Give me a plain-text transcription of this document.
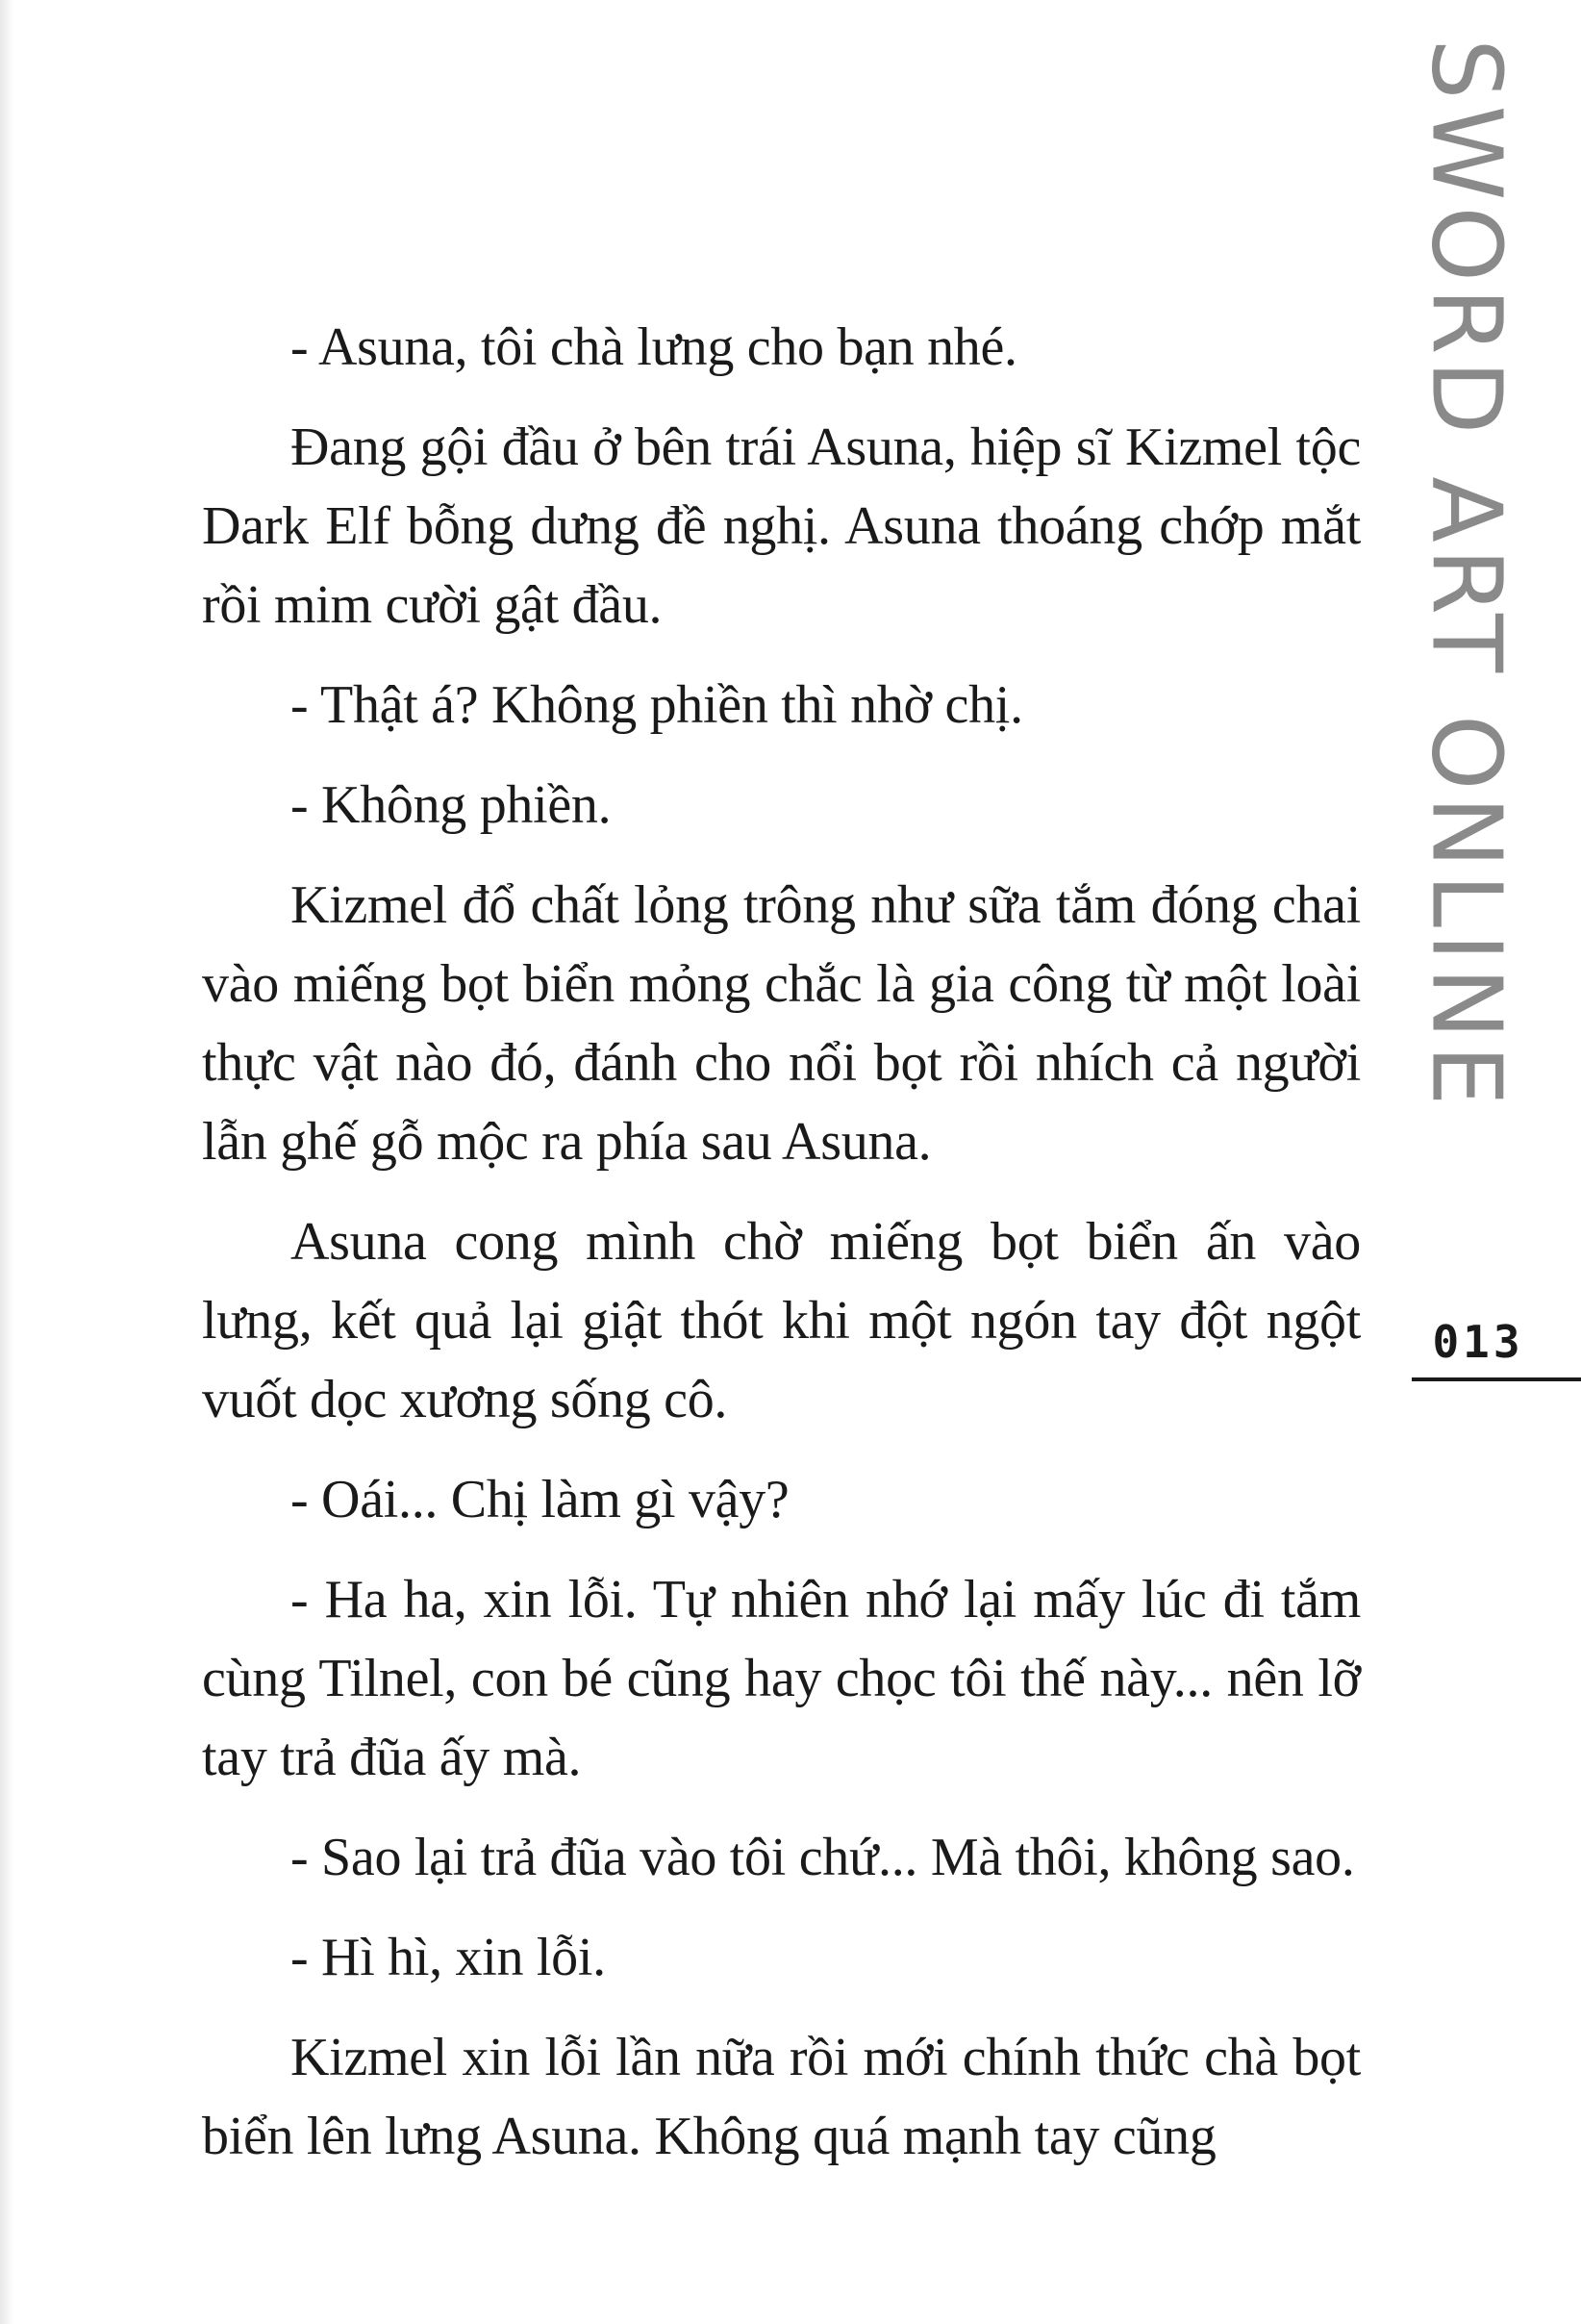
- Asuna, tôi chà lưng cho bạn nhé.

Đang gội đầu ở bên trái Asuna, hiệp sĩ Kizmel tộc Dark Elf bỗng dưng đề nghị. Asuna thoáng chớp mắt rồi mim cười gật đầu.

- Thật á? Không phiền thì nhờ chị.

- Không phiền.

Kizmel đổ chất lỏng trông như sữa tắm đóng chai vào miếng bọt biển mỏng chắc là gia công từ một loài thực vật nào đó, đánh cho nổi bọt rồi nhích cả người lẫn ghế gỗ mộc ra phía sau Asuna.

Asuna cong mình chờ miếng bọt biển ấn vào lưng, kết quả lại giật thót khi một ngón tay đột ngột vuốt dọc xương sống cô.

- Oái... Chị làm gì vậy?

- Ha ha, xin lỗi. Tự nhiên nhớ lại mấy lúc đi tắm cùng Tilnel, con bé cũng hay chọc tôi thế này... nên lỡ tay trả đũa ấy mà.

- Sao lại trả đũa vào tôi chứ... Mà thôi, không sao.

- Hì hì, xin lỗi.

Kizmel xin lỗi lần nữa rồi mới chính thức chà bọt biển lên lưng Asuna. Không quá mạnh tay cũng

SWORD ART ONLINE
013
